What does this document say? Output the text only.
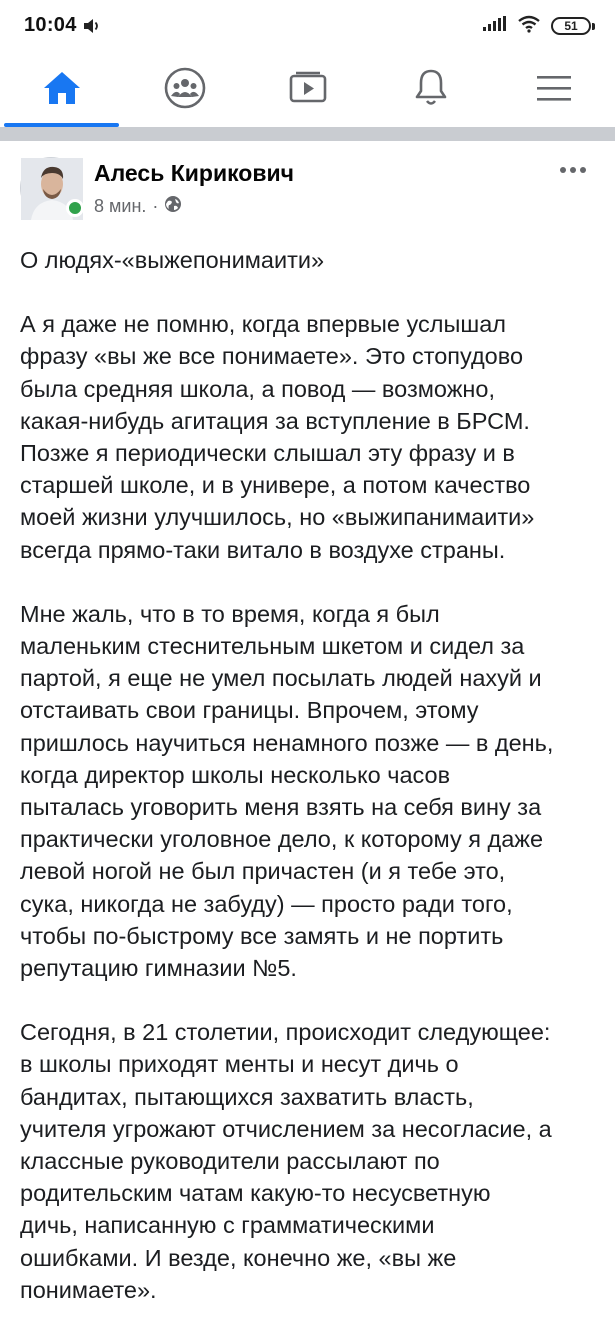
10:04	51
Алесь Кирикович
8 мин. ·

О людях-«выжепонимаити»

А я даже не помню, когда впервые услышал
фразу «вы же все понимаете». Это стопудово
была средняя школа, а повод — возможно,
какая-нибудь агитация за вступление в БРСМ.
Позже я периодически слышал эту фразу и в
старшей школе, и в универе, а потом качество
моей жизни улучшилось, но «выжипанимаити»
всегда прямо-таки витало в воздухе страны.

Мне жаль, что в то время, когда я был
маленьким стеснительным шкетом и сидел за
партой, я еще не умел посылать людей нахуй и
отстаивать свои границы. Впрочем, этому
пришлось научиться ненамного позже — в день,
когда директор школы несколько часов
пыталась уговорить меня взять на себя вину за
практически уголовное дело, к которому я даже
левой ногой не был причастен (и я тебе это,
сука, никогда не забуду) — просто ради того,
чтобы по-быстрому все замять и не портить
репутацию гимназии №5.

Сегодня, в 21 столетии, происходит следующее:
в школы приходят менты и несут дичь о
бандитах, пытающихся захватить власть,
учителя угрожают отчислением за несогласие, а
классные руководители рассылают по
родительским чатам какую-то несусветную
дичь, написанную с грамматическими
ошибками. И везде, конечно же, «вы же
понимаете».
